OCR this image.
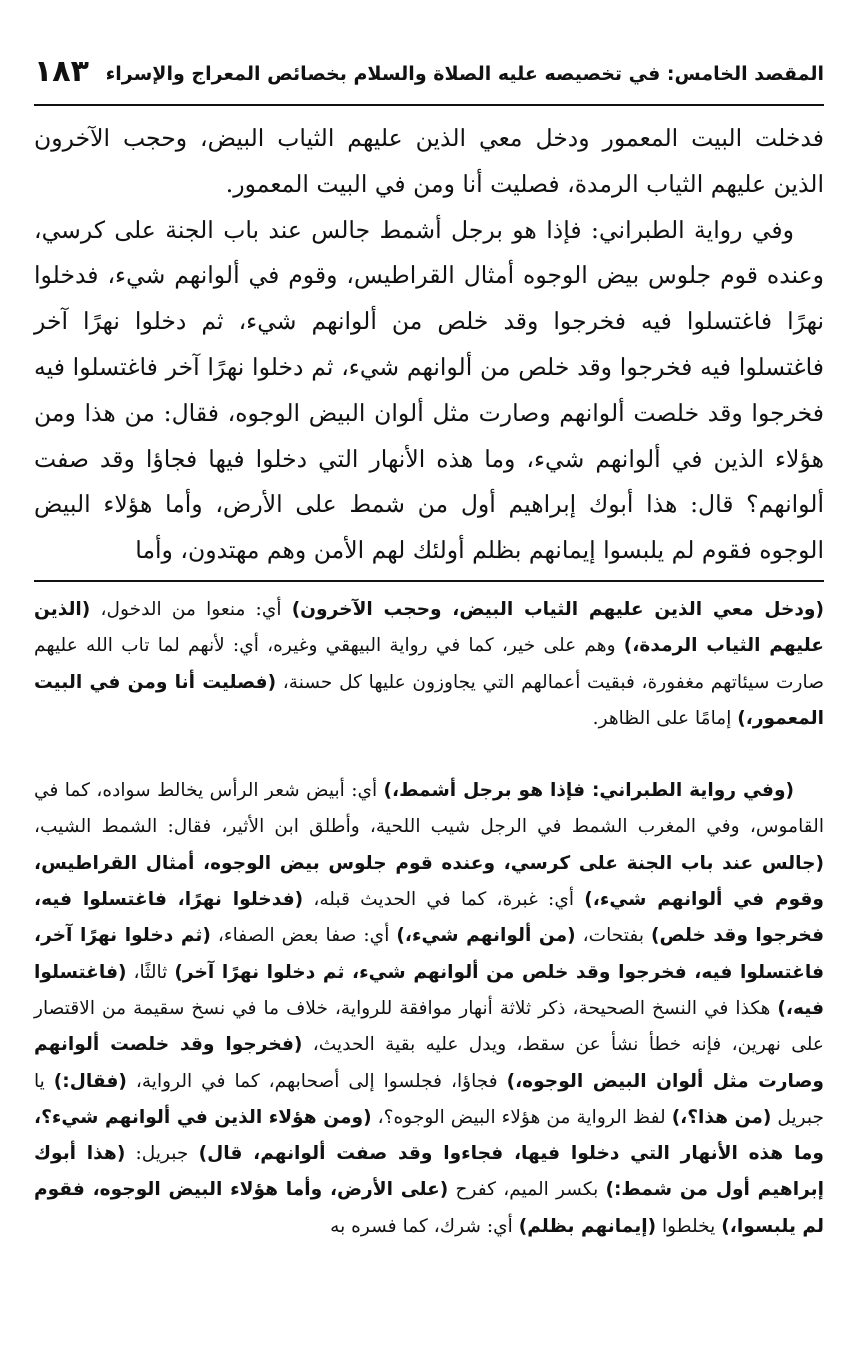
١٨٣ المقصد الخامس: في تخصيصه عليه الصلاة والسلام بخصائص المعراج والإسراء

فدخلت البيت المعمور ودخل معي الذين عليهم الثياب البيض، وحجب الآخرون الذين عليهم الثياب الرمدة، فصليت أنا ومن في البيت المعمور.

وفي رواية الطبراني: فإذا هو برجل أشمط جالس عند باب الجنة على كرسي، وعنده قوم جلوس بيض الوجوه أمثال القراطيس، وقوم في ألوانهم شيء، فدخلوا نهرًا فاغتسلوا فيه فخرجوا وقد خلص من ألوانهم شيء، ثم دخلوا نهرًا آخر فاغتسلوا فيه فخرجوا وقد خلص من ألوانهم شيء، ثم دخلوا نهرًا آخر فاغتسلوا فيه فخرجوا وقد خلصت ألوانهم وصارت مثل ألوان البيض الوجوه، فقال: من هذا ومن هؤلاء الذين في ألوانهم شيء، وما هذه الأنهار التي دخلوا فيها فجاؤا وقد صفت ألوانهم؟ قال: هذا أبوك إبراهيم أول من شمط على الأرض، وأما هؤلاء البيض الوجوه فقوم لم يلبسوا إيمانهم بظلم أولئك لهم الأمن وهم مهتدون، وأما

(ودخل معي الذين عليهم الثياب البيض، وحجب الآخرون) أي: منعوا من الدخول، (الذين عليهم الثياب الرمدة،) وهم على خير، كما في رواية البيهقي وغيره، أي: لأنهم لما تاب الله عليهم صارت سيئاتهم مغفورة، فبقيت أعمالهم التي يجاوزون عليها كل حسنة، (فصليت أنا ومن في البيت المعمور،) إمامًا على الظاهر.

(وفي رواية الطبراني: فإذا هو برجل أشمط،) أي: أبيض شعر الرأس يخالط سواده، كما في القاموس، وفي المغرب الشمط في الرجل شيب اللحية، وأطلق ابن الأثير، فقال: الشمط الشيب، (جالس عند باب الجنة على كرسي، وعنده قوم جلوس بيض الوجوه، أمثال القراطيس، وقوم في ألوانهم شيء،) أي: غبرة، كما في الحديث قبله، (فدخلوا نهرًا، فاغتسلوا فيه، فخرجوا وقد خلص) بفتحات، (من ألوانهم شيء،) أي: صفا بعض الصفاء، (ثم دخلوا نهرًا آخر، فاغتسلوا فيه، فخرجوا وقد خلص من ألوانهم شيء، ثم دخلوا نهرًا آخر) ثالثًا، (فاغتسلوا فيه،) هكذا في النسخ الصحيحة، ذكر ثلاثة أنهار موافقة للرواية، خلاف ما في نسخ سقيمة من الاقتصار على نهرين، فإنه خطأ نشأ عن سقط، ويدل عليه بقية الحديث، (فخرجوا وقد خلصت ألوانهم وصارت مثل ألوان البيض الوجوه،) فجاؤا، فجلسوا إلى أصحابهم، كما في الرواية، (فقال:) يا جبريل (من هذا؟،) لفظ الرواية من هؤلاء البيض الوجوه؟، (ومن هؤلاء الذين في ألوانهم شيء؟، وما هذه الأنهار التي دخلوا فيها، فجاءوا وقد صفت ألوانهم، قال) جبريل: (هذا أبوك إبراهيم أول من شمط:) بكسر الميم، كفرح (على الأرض، وأما هؤلاء البيض الوجوه، فقوم لم يلبسوا،) يخلطوا (إيمانهم بظلم) أي: شرك، كما فسره به
